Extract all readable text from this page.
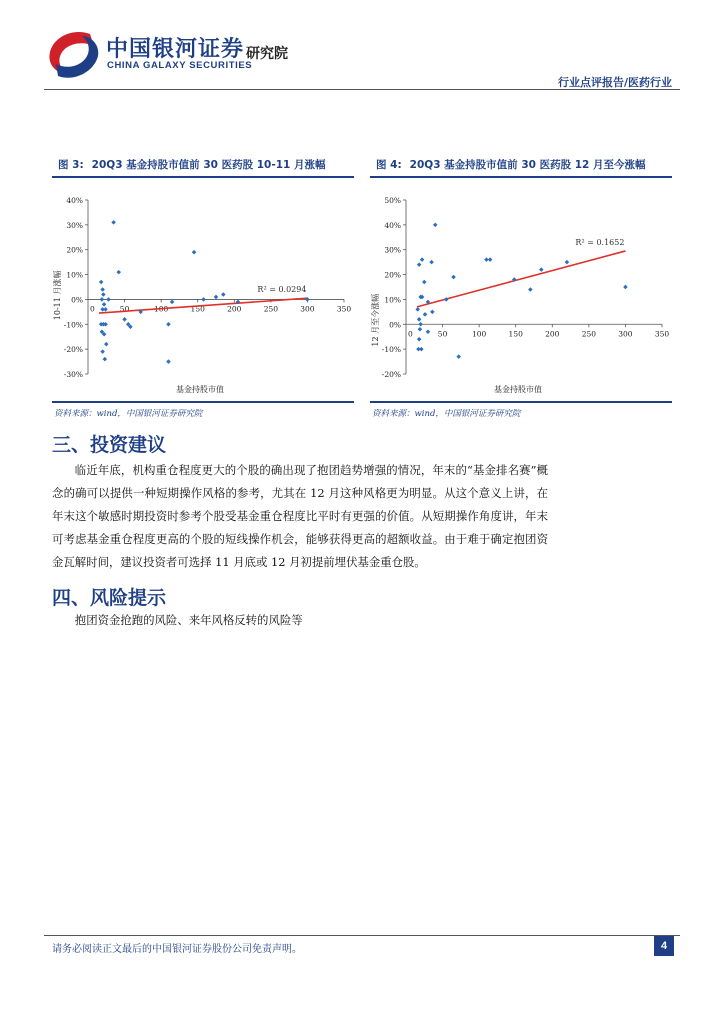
中国银河证券
CHINA GALAXY SECURITIES
研究院
行业点评报告/医药行业
图 3: 20Q3 基金持股市值前 30 医药股 10-11 月涨幅
-30%
-20%
-10%
0%
10%
20%
30%
40%
50	150	200	250	300	350
0
R² = 0.0294
基金持股市值
10-11 月涨幅
资料来源：wind，中国银河证券研究院
图 4: 20Q3 基金持股市值前 30 医药股 12 月至今涨幅
-20%
-10%
0%
10%
20%
30%
40%
50%
50	100	150	200	250	300	350
0
R² = 0.1652
基金持股市值
12 月至今涨幅
资料来源：wind，中国银河证券研究院
三、投资建议
临近年底，机构重仓程度更大的个股的确出现了抱团趋势增强的情况，年末的“基金排名赛”概念的确可以提供一种短期操作风格的参考，尤其在 12 月这种风格更为明显。从这个意义上讲，在年末这个敏感时期投资时参考个股受基金重仓程度比平时有更强的价值。从短期操作角度讲，年末可考虑基金重仓程度更高的个股的短线操作机会，能够获得更高的超额收益。由于难于确定抱团资金瓦解时间，建议投资者可选择 11 月底或 12 月初提前埋伏基金重仓股。
四、风险提示
抱团资金抢跑的风险、来年风格反转的风险等
请务必阅读正文最后的中国银河证券股份公司免责声明。	4
